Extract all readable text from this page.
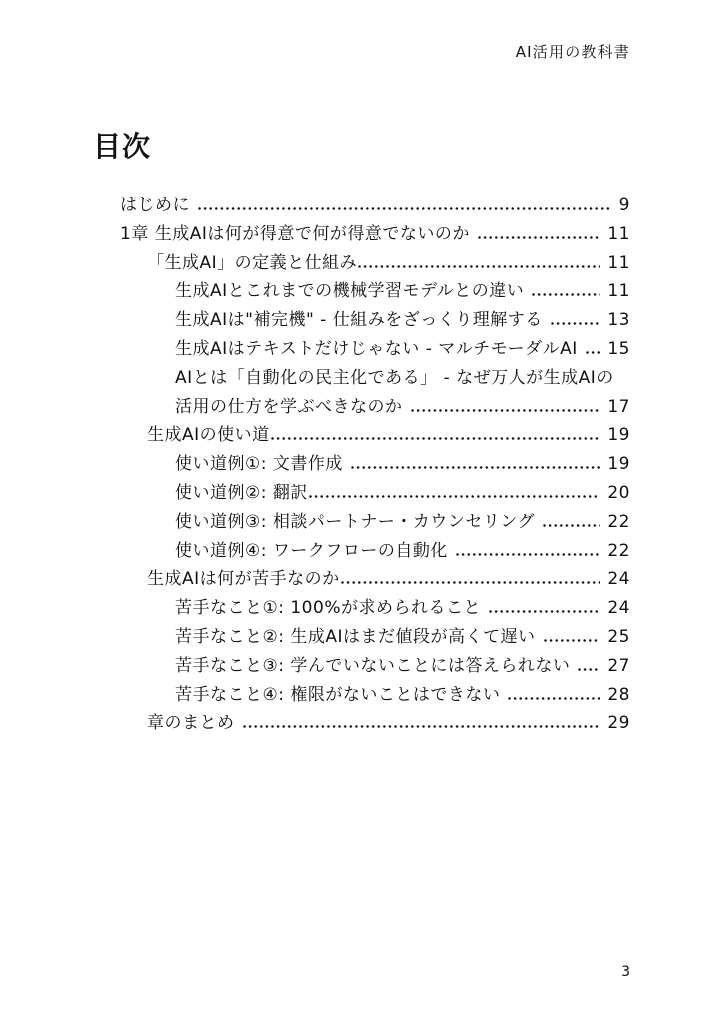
AI活用の教科書
目次
はじめに	9
1章 生成AIは何が得意で何が得意でないのか	11
「生成AI」の定義と仕組み	11
生成AIとこれまでの機械学習モデルとの違い	11
生成AIは"補完機" - 仕組みをざっくり理解する	13
生成AIはテキストだけじゃない - マルチモーダルAI 15
AIとは「自動化の民主化である」 - なぜ万人が生成AIの
活用の仕方を学ぶべきなのか	17
生成AIの使い道	19
使い道例①: 文書作成	19
使い道例②: 翻訳	20
使い道例③: 相談パートナー・カウンセリング	22
使い道例④: ワークフローの自動化	22
生成AIは何が苦手なのか	24
苦手なこと①: 100%が求められること	24
苦手なこと②: 生成AIはまだ値段が高くて遅い	25
苦手なこと③: 学んでいないことには答えられない 27
苦手なこと④: 権限がないことはできない	28
章のまとめ	29
3
